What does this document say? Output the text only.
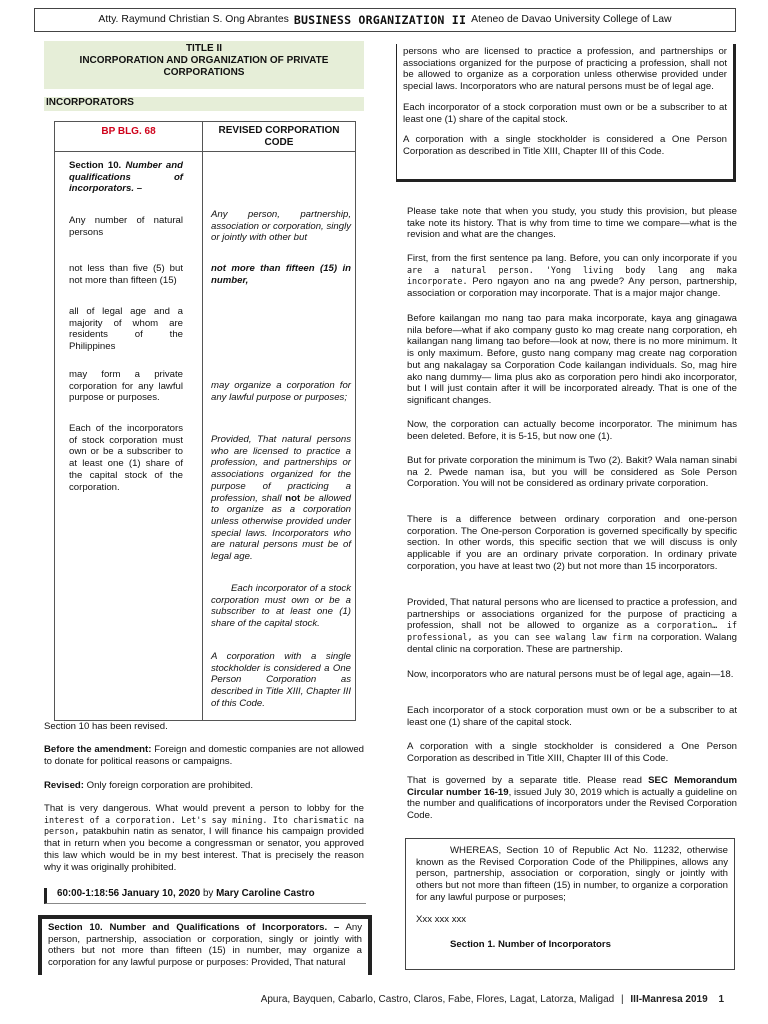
Atty. Raymund Christian S. Ong Abrantes BUSINESS ORGANIZATION II Ateneo de Davao University College of Law
TITLE II
INCORPORATION AND ORGANIZATION OF PRIVATE
CORPORATIONS
INCORPORATORS
BP BLG. 68	REVISED CORPORATION CODE
Section 10. Number and qualifications of incorporators. –
Any number of natural persons
not less than five (5) but not more than fifteen (15)
all of legal age and a majority of whom are residents of the Philippines
may form a private corporation for any lawful purpose or purposes.
Each of the incorporators of stock corporation must own or be a subscriber to at least one (1) share of the capital stock of the corporation.
Any person, partnership, association or corporation, singly or jointly with other but
not more than fifteen (15) in number,
may organize a corporation for any lawful purpose or purposes;
Provided, That natural persons who are licensed to practice a profession, and partnerships or associations organized for the purpose of practicing a profession, shall not be allowed to organize as a corporation unless otherwise provided under special laws. Incorporators who are natural persons must be of legal age.
Each incorporator of a stock corporation must own or be a subscriber to at least one (1) share of the capital stock.
A corporation with a single stockholder is considered a One Person Corporation as described in Title XIII, Chapter III of this Code.
Section 10 has been revised.
Before the amendment: Foreign and domestic companies are not allowed to donate for political reasons or campaigns.
Revised: Only foreign corporation are prohibited.
That is very dangerous. What would prevent a person to lobby for the interest of a corporation. Let's say mining. Ito charismatic na person, patakbuhin natin as senator, I will finance his campaign provided that in return when you become a congressman or senator, you approved this law which would be in my best interest. That is precisely the reason why it was originally prohibited.
60:00-1:18:56 January 10, 2020 by Mary Caroline Castro
Section 10. Number and Qualifications of Incorporators. – Any person, partnership, association or corporation, singly or jointly with others but not more than fifteen (15) in number, may organize a corporation for any lawful purpose or purposes: Provided, That natural

persons who are licensed to practice a profession, and partnerships or associations organized for the purpose of practicing a profession, shall not be allowed to organize as a corporation unless otherwise provided under special laws. Incorporators who are natural persons must be of legal age.

Each incorporator of a stock corporation must own or be a subscriber to at least one (1) share of the capital stock.

A corporation with a single stockholder is considered a One Person Corporation as described in Title XIII, Chapter III of this Code.

Please take note that when you study, you study this provision, but please take note its history. That is why from time to time we compare—what is the revision and what are the changes.

First, from the first sentence pa lang. Before, you can only incorporate if you are a natural person. 'Yong living body lang ang maka incorporate. Pero ngayon ano na ang pwede? Any person, partnership, association or corporation may incorporate. That is a major major change.

Before kailangan mo nang tao para maka incorporate, kaya ang ginagawa nila before—what if ako company gusto ko mag create nang corporation, eh kailangan nang limang tao before—look at now, there is no more minimum. It is only maximum. Before, gusto nang company mag create nag corporation but ang nakalagay sa Corporation Code kailangan individuals. So, mag hire ako nang dummy— lima plus ako as corporation pero hindi ako incorporator, but I will just contain after it will be incorporated already. That is one of the significant changes.

Now, the corporation can actually become incorporator. The minimum has been deleted. Before, it is 5-15, but now one (1).

But for private corporation the minimum is Two (2). Bakit? Wala naman sinabi na 2. Pwede naman isa, but you will be considered as Sole Person Corporation. You will not be considered as ordinary private corporation.

There is a difference between ordinary corporation and one-person corporation. The One-person Corporation is governed specifically by specific section. In other words, this specific section that we will discuss is only applicable if you are an ordinary private corporation. In ordinary private corporation, you have at least two (2) but not more than 15 incorporators.

Provided, That natural persons who are licensed to practice a profession, and partnerships or associations organized for the purpose of practicing a profession, shall not be allowed to organize as a corporation… if professional, as you can see walang law firm na corporation. Walang dental clinic na corporation. These are partnership.

Now, incorporators who are natural persons must be of legal age, again—18.

Each incorporator of a stock corporation must own or be a subscriber to at least one (1) share of the capital stock.

A corporation with a single stockholder is considered a One Person Corporation as described in Title XIII, Chapter III of this Code.

That is governed by a separate title. Please read SEC Memorandum Circular number 16-19, issued July 30, 2019 which is actually a guideline on the number and qualifications of incorporators under the Revised Corporation Code.

WHEREAS, Section 10 of Republic Act No. 11232, otherwise known as the Revised Corporation Code of the Philippines, allows any person, partnership, association or corporation, singly or jointly with others but not more than fifteen (15) in number, to organize a corporation for any lawful purpose or purposes;

Xxx xxx xxx

Section 1. Number of Incorporators

Apura, Bayquen, Cabarlo, Castro, Claros, Fabe, Flores, Lagat, Latorza, Maligad | III-Manresa 2019 1
